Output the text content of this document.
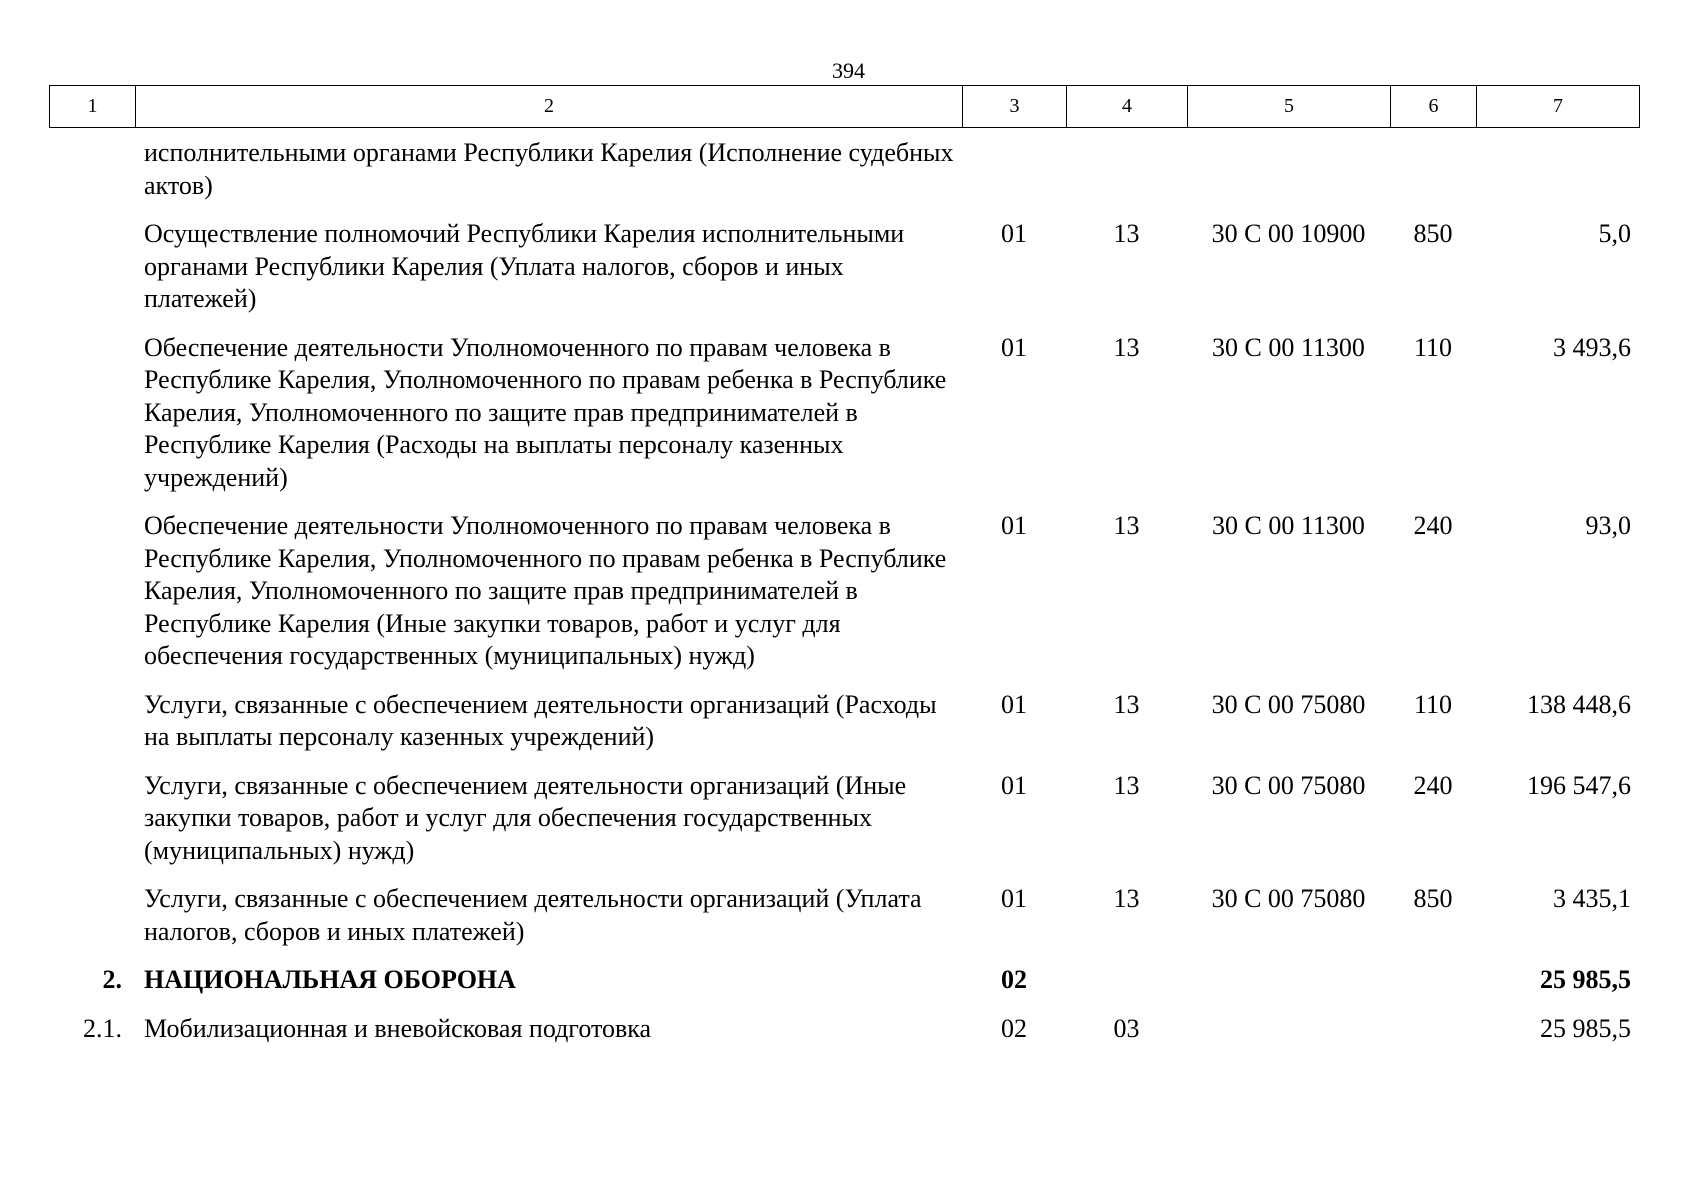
394
1	2	3	4	5	6	7
	исполнительными органами Республики Карелия (Исполнение судебных актов)					
	Осуществление полномочий Республики Карелия исполнительными органами Республики Карелия (Уплата налогов, сборов и иных платежей)	01	13	30 С 00 10900	850	5,0
	Обеспечение деятельности Уполномоченного по правам человека в Республике Карелия, Уполномоченного по правам ребенка в Республике Карелия, Уполномоченного по защите прав предпринимателей в Республике Карелия (Расходы на выплаты персоналу казенных учреждений)	01	13	30 С 00 11300	110	3 493,6
	Обеспечение деятельности Уполномоченного по правам человека в Республике Карелия, Уполномоченного по правам ребенка в Республике Карелия, Уполномоченного по защите прав предпринимателей в Республике Карелия (Иные закупки товаров, работ и услуг для обеспечения государственных (муниципальных) нужд)	01	13	30 С 00 11300	240	93,0
	Услуги, связанные с обеспечением деятельности организаций (Расходы на выплаты персоналу казенных учреждений)	01	13	30 С 00 75080	110	138 448,6
	Услуги, связанные с обеспечением деятельности организаций (Иные закупки товаров, работ и услуг для обеспечения государственных (муниципальных) нужд)	01	13	30 С 00 75080	240	196 547,6
	Услуги, связанные с обеспечением деятельности организаций (Уплата налогов, сборов и иных платежей)	01	13	30 С 00 75080	850	3 435,1
2.	НАЦИОНАЛЬНАЯ ОБОРОНА	02				25 985,5
2.1.	Мобилизационная и вневойсковая подготовка	02	03			25 985,5
